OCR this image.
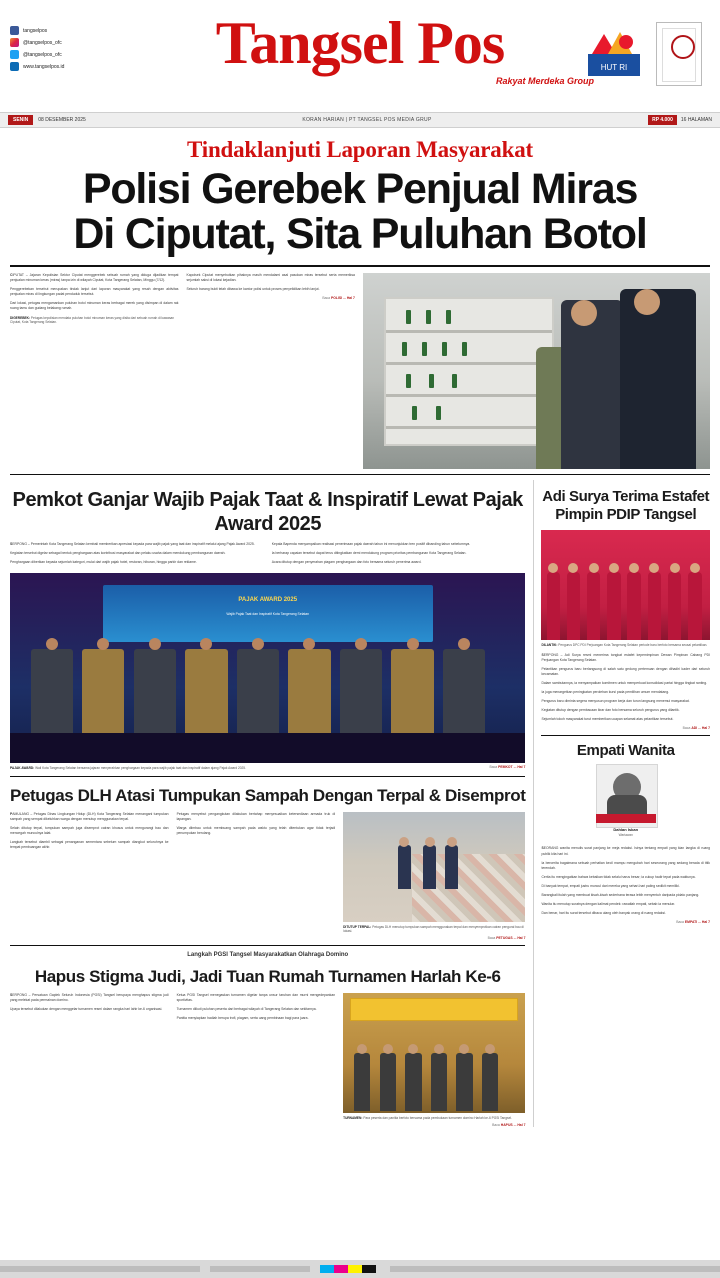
tangselpos
@tangselpos_ofc
@tangselpos_ofc
www.tangselpos.id	Tangsel Pos
Rakyat Merdeka Group
HUT RI
SENIN	08 DESEMBER 2025	KORAN HARIAN | PT TANGSEL POS MEDIA GRUP	RP 4.000	16 HALAMAN
Tindaklanjuti Laporan Masyarakat
Polisi Gerebek Penjual Miras
Di Ciputat, Sita Puluhan Botol

CIPUTAT – Jajaran Kepolisian Sektor Ciputat menggerebek sebuah rumah yang diduga dijadikan tempat penjualan minuman keras (miras) tanpa izin di wilayah Ciputat, Kota Tangerang Selatan, Minggu (7/12).

Penggerebekan tersebut merupakan tindak lanjut dari laporan masyarakat yang resah dengan aktivitas penjualan miras di lingkungan padat penduduk tersebut.

Dari lokasi, petugas mengamankan puluhan botol minuman keras berbagai merek yang disimpan di dalam rak ruang tamu dan gudang belakang rumah.

DIGEREBEK: Petugas kepolisian mendata puluhan botol minuman keras yang disita dari sebuah rumah di kawasan Ciputat, Kota Tangerang Selatan.

Kapolsek Ciputat menyebutkan pihaknya masih mendalami asal pasokan miras tersebut serta memeriksa sejumlah saksi di lokasi kejadian.

Seluruh barang bukti telah dibawa ke kantor polisi untuk proses penyelidikan lebih lanjut.

Baca POLISI ... Hal 7
Pemkot Ganjar Wajib Pajak Taat & Inspiratif Lewat Pajak Award 2025

SERPONG – Pemerintah Kota Tangerang Selatan kembali memberikan apresiasi kepada para wajib pajak yang taat dan inspiratif melalui ajang Pajak Award 2025.

Kegiatan tersebut digelar sebagai bentuk penghargaan atas kontribusi masyarakat dan pelaku usaha dalam mendukung pembangunan daerah.

Penghargaan diberikan kepada sejumlah kategori, mulai dari wajib pajak hotel, restoran, hiburan, hingga parkir dan reklame.

Kepala Bapenda menyampaikan realisasi penerimaan pajak daerah tahun ini menunjukkan tren positif dibanding tahun sebelumnya.

Ia berharap capaian tersebut dapat terus ditingkatkan demi mendukung program prioritas pembangunan Kota Tangerang Selatan.

Acara ditutup dengan penyerahan piagam penghargaan dan foto bersama seluruh penerima award.

PAJAK AWARD 2025
Wajib Pajak Taat dan Inspiratif Kota Tangerang Selatan
PAJAK AWARD: Wali Kota Tangerang Selatan bersama jajaran menyerahkan penghargaan kepada para wajib pajak taat dan inspiratif dalam ajang Pajak Award 2025.	Baca PEMKOT ... Hal 7
Petugas DLH Atasi Tumpukan Sampah Dengan Terpal & Disemprot

PAMULANG – Petugas Dinas Lingkungan Hidup (DLH) Kota Tangerang Selatan menangani tumpukan sampah yang sempat dikeluhkan warga dengan menutup menggunakan terpal.

Selain ditutup terpal, tumpukan sampah juga disemprot cairan khusus untuk mengurangi bau dan mencegah munculnya lalat.

Langkah tersebut diambil sebagai penanganan sementara sebelum sampah diangkut seluruhnya ke tempat pembuangan akhir.

Petugas menyebut pengangkutan dilakukan bertahap menyesuaikan ketersediaan armada truk di lapangan.

Warga diimbau untuk membuang sampah pada waktu yang telah ditentukan agar tidak terjadi penumpukan berulang.

DITUTUP TERPAL: Petugas DLH menutup tumpukan sampah menggunakan terpal dan menyemprotkan cairan pengurai bau di lokasi.
Baca PETUGAS ... Hal 7
Langkah PGSI Tangsel Masyarakatkan Olahraga Domino
Hapus Stigma Judi, Jadi Tuan Rumah Turnamen Harlah Ke-6

SERPONG – Persatuan Gaplek Seluruh Indonesia (PGSI) Tangsel berupaya menghapus stigma judi yang melekat pada permainan domino.

Upaya tersebut dilakukan dengan menggelar turnamen resmi dalam rangka hari lahir ke-6 organisasi.

Ketua PGSI Tangsel menegaskan turnamen digelar tanpa unsur taruhan dan murni mengedepankan sportivitas.

Turnamen diikuti puluhan peserta dari berbagai wilayah di Tangerang Selatan dan sekitarnya.

Panitia menyiapkan hadiah berupa trofi, piagam, serta uang pembinaan bagi para juara.

TURNAMEN: Para peserta dan panitia berfoto bersama pada pembukaan turnamen domino Harlah ke-6 PGSI Tangsel.
Baca HAPUS ... Hal 7
Adi Surya Terima Estafet Pimpin PDIP Tangsel
DILANTIK: Pengurus DPC PDI Perjuangan Kota Tangerang Selatan periode baru berfoto bersama seusai pelantikan.

SERPONG – Adi Surya resmi menerima tongkat estafet kepemimpinan Dewan Pimpinan Cabang PDI Perjuangan Kota Tangerang Selatan.

Pelantikan pengurus baru berlangsung di salah satu gedung pertemuan dengan dihadiri kader dari seluruh kecamatan.

Dalam sambutannya, ia menyampaikan komitmen untuk memperkuat konsolidasi partai hingga tingkat ranting.

Ia juga menargetkan peningkatan perolehan kursi pada pemilihan umum mendatang.

Pengurus baru diminta segera menyusun program kerja dan turun langsung menemui masyarakat.

Kegiatan ditutup dengan pembacaan ikrar dan foto bersama seluruh pengurus yang dilantik.

Sejumlah tokoh masyarakat turut memberikan ucapan selamat atas pelantikan tersebut.

Baca ADI ... Hal 7
Empati Wanita
Dahlan Iskan
Wartawan

SEORANG wanita menulis surat panjang ke meja redaksi. Isinya tentang empati yang kian langka di ruang publik kita hari ini.

Ia bercerita bagaimana sebuah perhatian kecil mampu mengubah hari seseorang yang sedang berada di titik terendah.

Cerita itu mengingatkan bahwa kebaikan tidak selalu harus besar; ia cukup hadir tepat pada waktunya.

Di banyak tempat, empati justru muncul dari mereka yang sehari-hari paling sedikit memiliki.

Barangkali itulah yang membuat kisah-kisah sederhana terasa lebih menyentuh daripada pidato panjang.

Wanita itu menutup suratnya dengan kalimat pendek: rawatlah empati, sebab ia menular.

Dan benar, hari itu surat tersebut dibaca ulang oleh banyak orang di ruang redaksi.

Baca EMPATI ... Hal 7
